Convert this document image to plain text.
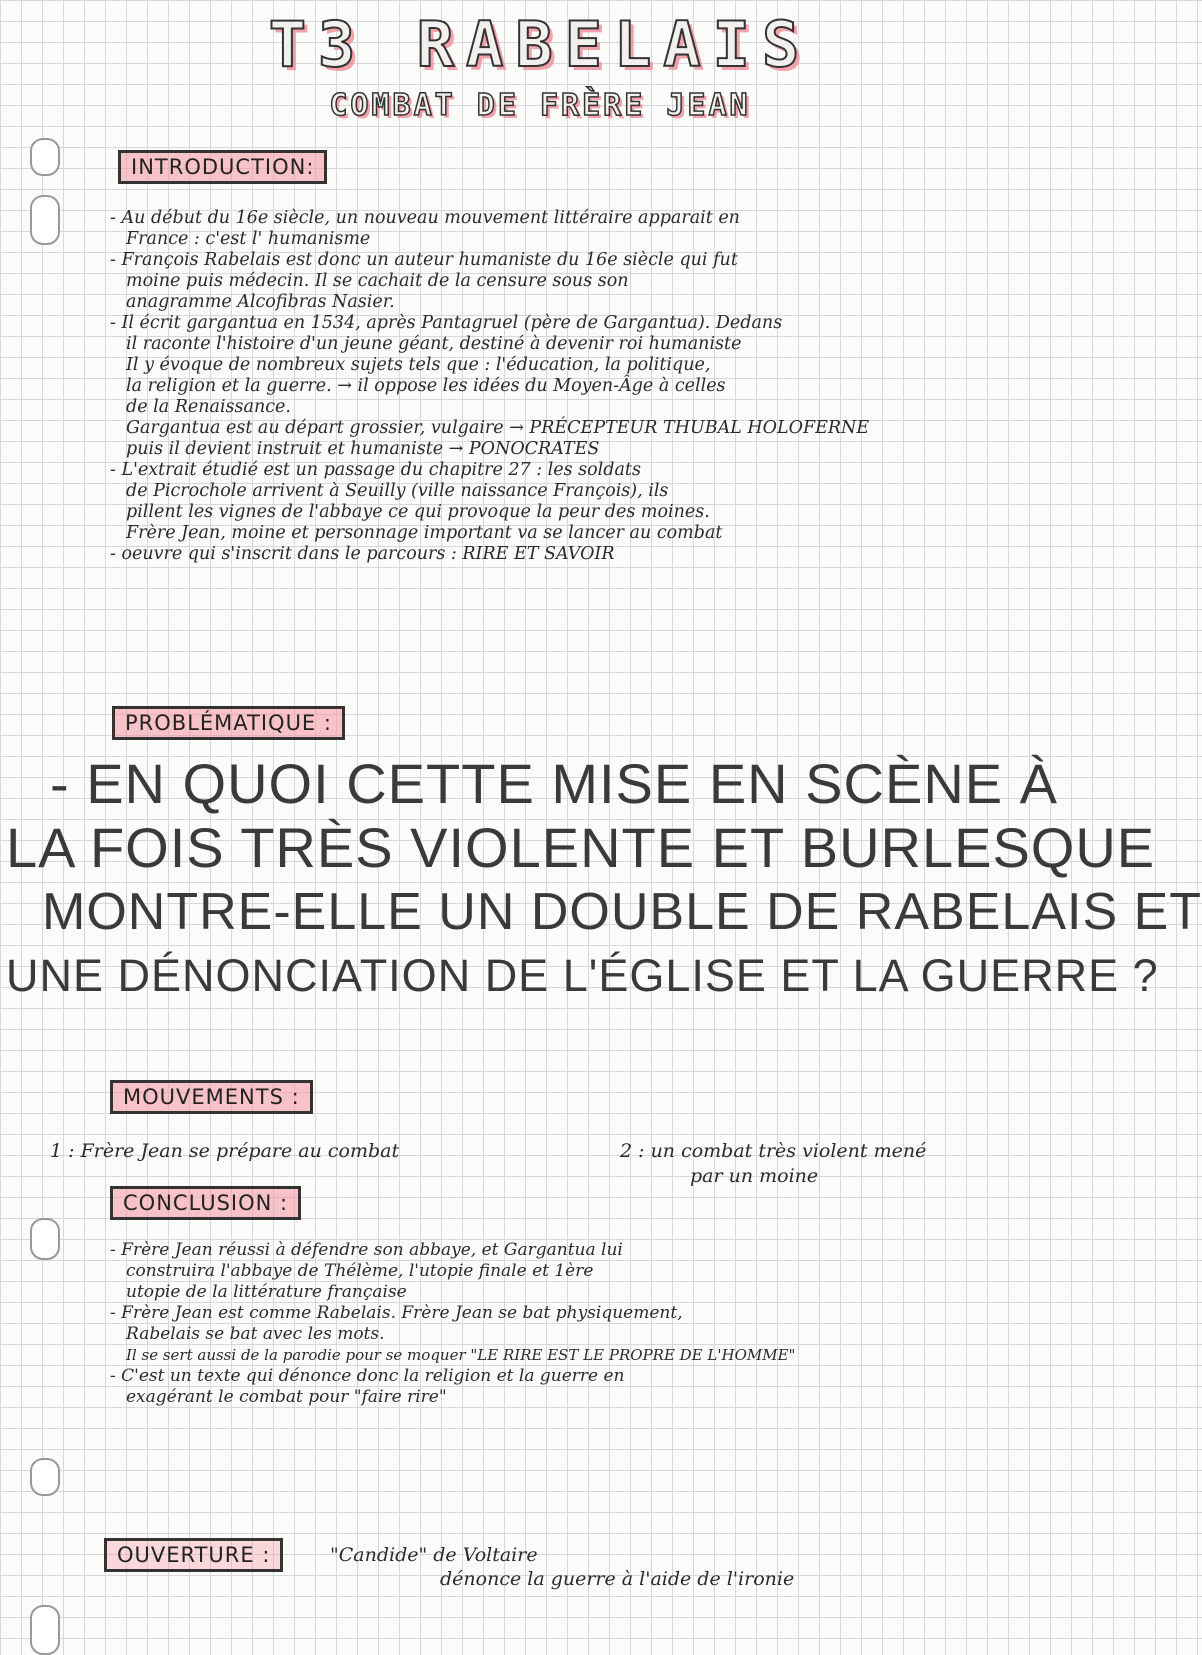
T3 RABELAIS
COMBAT DE FRÈRE JEAN
INTRODUCTION:

- Au début du 16e siècle, un nouveau mouvement littéraire apparait en

France : c'est l' humanisme

- François Rabelais est donc un auteur humaniste du 16e siècle qui fut

moine puis médecin. Il se cachait de la censure sous son

anagramme Alcofibras Nasier.

- Il écrit gargantua en 1534, après Pantagruel (père de Gargantua). Dedans

il raconte l'histoire d'un jeune géant, destiné à devenir roi humaniste

Il y évoque de nombreux sujets tels que : l'éducation, la politique,

la religion et la guerre. → il oppose les idées du Moyen-Âge à celles

de la Renaissance.

Gargantua est au départ grossier, vulgaire → PRÉCEPTEUR THUBAL HOLOFERNE

puis il devient instruit et humaniste → PONOCRATES

- L'extrait étudié est un passage du chapitre 27 : les soldats

de Picrochole arrivent à Seuilly (ville naissance François), ils

pillent les vignes de l'abbaye ce qui provoque la peur des moines.

Frère Jean, moine et personnage important va se lancer au combat

- oeuvre qui s'inscrit dans le parcours : RIRE ET SAVOIR

PROBLÉMATIQUE :
- EN QUOI CETTE MISE EN SCÈNE À
LA FOIS TRÈS VIOLENTE ET BURLESQUE
MONTRE-ELLE UN DOUBLE DE RABELAIS ET
UNE DÉNONCIATION DE L'ÉGLISE ET LA GUERRE ?
MOUVEMENTS :
1 : Frère Jean se prépare au combat	2 : un combat très violent mené
par un moine
CONCLUSION :

- Frère Jean réussi à défendre son abbaye, et Gargantua lui

construira l'abbaye de Thélème, l'utopie finale et 1ère

utopie de la littérature française

- Frère Jean est comme Rabelais. Frère Jean se bat physiquement,

Rabelais se bat avec les mots.

Il se sert aussi de la parodie pour se moquer "LE RIRE EST LE PROPRE DE L'HOMME"

- C'est un texte qui dénonce donc la religion et la guerre en

exagérant le combat pour "faire rire"

OUVERTURE :	"Candide" de Voltaire
dénonce la guerre à l'aide de l'ironie
